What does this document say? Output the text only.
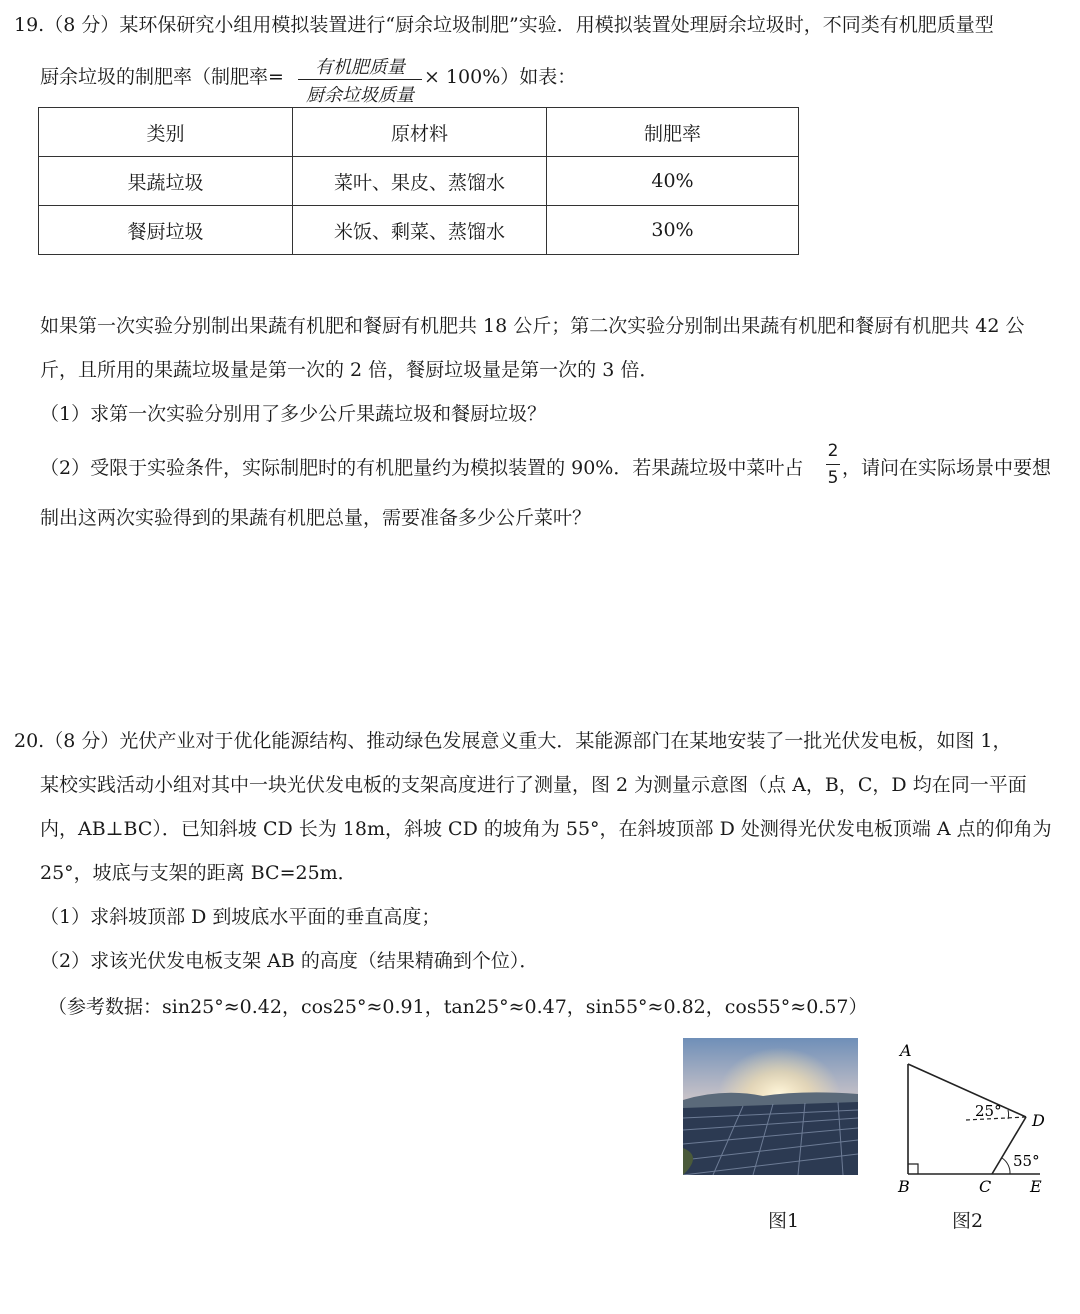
19.（8 分）某环保研究小组用模拟装置进行“厨余垃圾制肥”实验．用模拟装置处理厨余垃圾时，不同类有机肥质量型
厨余垃圾的制肥率（制肥率=	有机肥质量
厨余垃圾质量
× 100%）如表：
类别	原材料	制肥率
果蔬垃圾	菜叶、果皮、蒸馏水	40%
餐厨垃圾	米饭、剩菜、蒸馏水	30%
如果第一次实验分别制出果蔬有机肥和餐厨有机肥共 18 公斤；第二次实验分别制出果蔬有机肥和餐厨有机肥共 42 公
斤，且所用的果蔬垃圾量是第一次的 2 倍，餐厨垃圾量是第一次的 3 倍．
（1）求第一次实验分别用了多少公斤果蔬垃圾和餐厨垃圾？
（2）受限于实验条件，实际制肥时的有机肥量约为模拟装置的 90%．若果蔬垃圾中菜叶占
2
5 ，请问在实际场景中要想
制出这两次实验得到的果蔬有机肥总量，需要准备多少公斤菜叶？
20.（8 分）光伏产业对于优化能源结构、推动绿色发展意义重大．某能源部门在某地安装了一批光伏发电板，如图 1，
某校实践活动小组对其中一块光伏发电板的支架高度进行了测量，图 2 为测量示意图（点 A，B，C，D 均在同一平面
内，AB⊥BC）．已知斜坡 CD 长为 18m，斜坡 CD 的坡角为 55°，在斜坡顶部 D 处测得光伏发电板顶端 A 点的仰角为
25°，坡底与支架的距离 BC=25m．
（1）求斜坡顶部 D 到坡底水平面的垂直高度；
（2）求该光伏发电板支架 AB 的高度（结果精确到个位）．
（参考数据：sin25°≈0.42，cos25°≈0.91，tan25°≈0.47，sin55°≈0.82，cos55°≈0.57）
图1
A
B	C
D
E
25°
55°
图2
